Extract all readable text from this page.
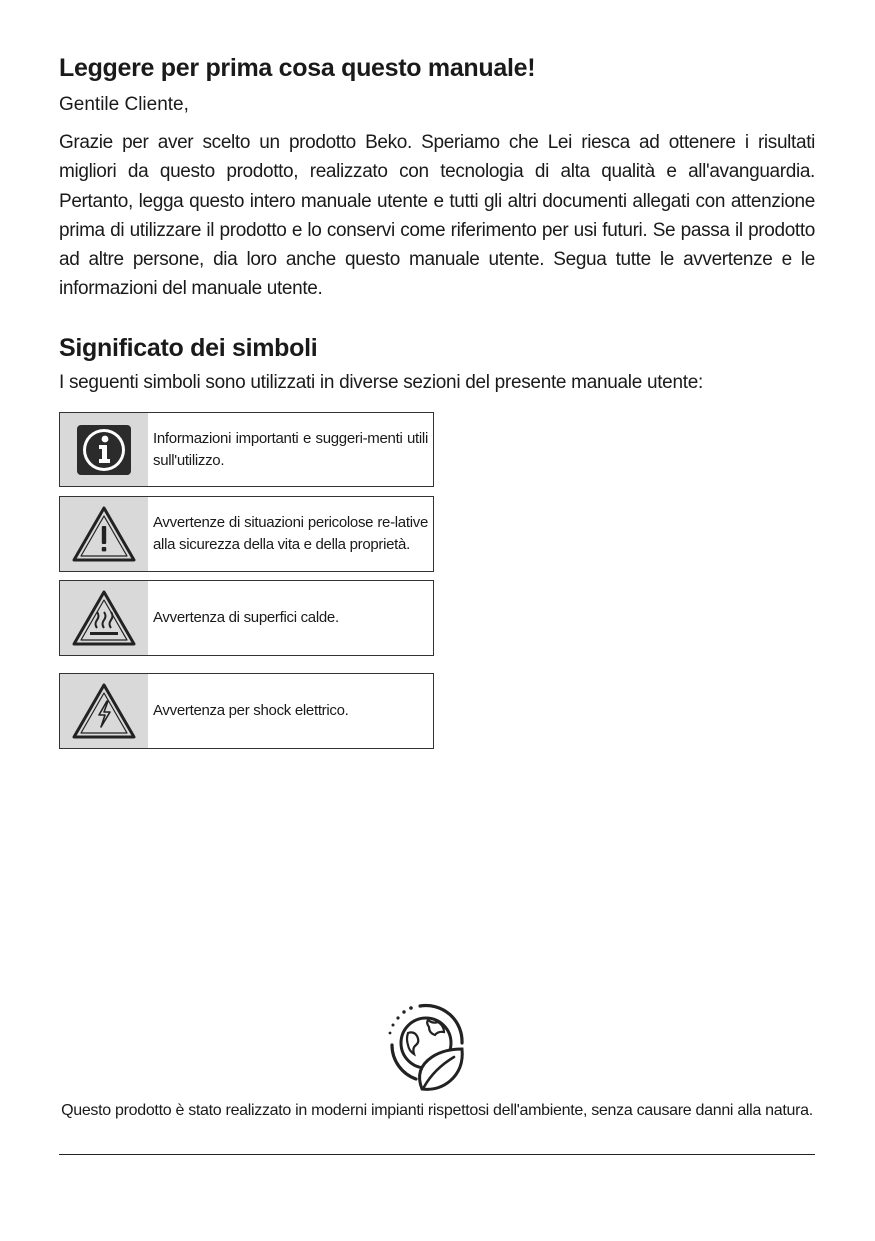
Leggere per prima cosa questo manuale!

Gentile Cliente,

Grazie per aver scelto un prodotto Beko. Speriamo che Lei riesca ad ottenere i risultati migliori da questo prodotto, realizzato con tecnologia di alta qualità e all'avanguardia. Pertanto, legga questo intero manuale utente e tutti gli altri documenti allegati con attenzione prima di utilizzare il prodotto e lo conservi come riferimento per usi futuri. Se passa il prodotto ad altre persone, dia loro anche questo manuale utente. Segua tutte le avvertenze e le informazioni del manuale utente.

Significato dei simboli

I seguenti simboli sono utilizzati in diverse sezioni del presente manuale utente:

Informazioni importanti e suggeri-menti utili sull'utilizzo.
Avvertenze di situazioni pericolose re-lative alla sicurezza della vita e della proprietà.
Avvertenza di superfici calde.
Avvertenza per shock elettrico.

Questo prodotto è stato realizzato in moderni impianti rispettosi dell'ambiente, senza causare danni alla natura.
